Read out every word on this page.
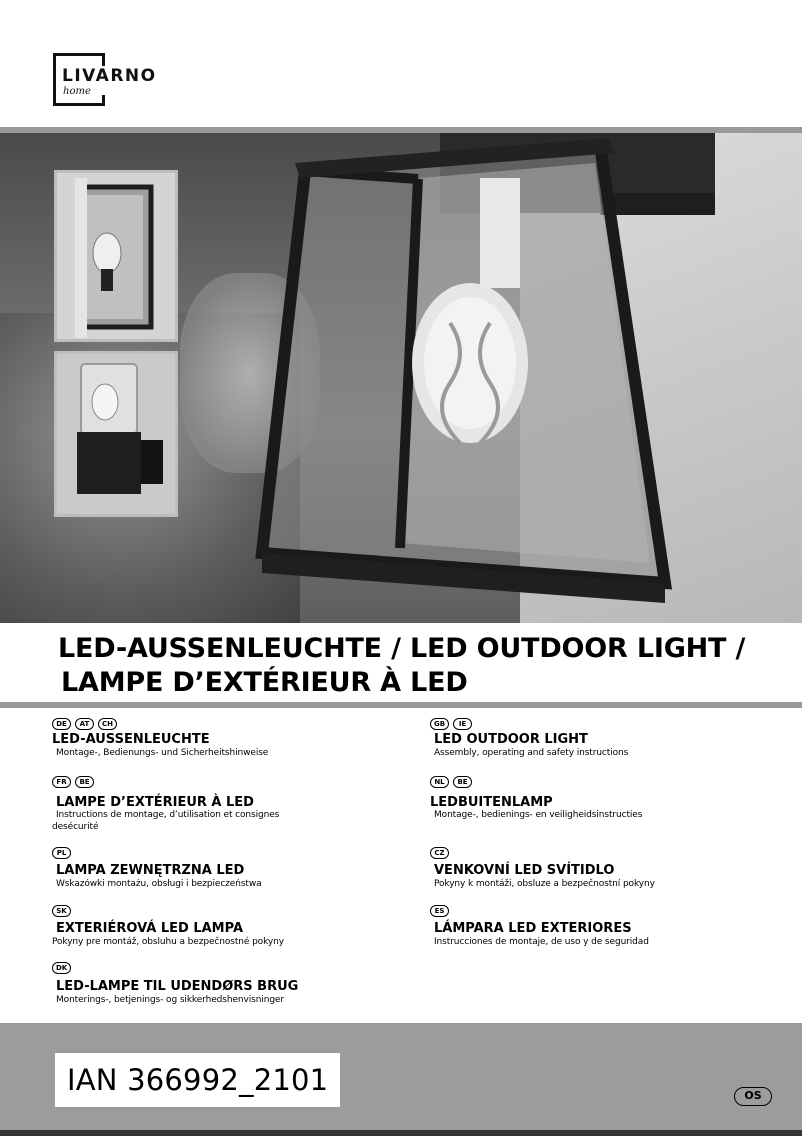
LIVARNO
home
LED-AUSSENLEUCHTE / LED OUTDOOR LIGHT /
LAMPE D’EXTÉRIEUR À LED
DE	AT	CH
LED-AUSSENLEUCHTE
Montage-, Bedienungs- und Sicherheitshinweise
FR	BE
LAMPE D’EXTÉRIEUR À LED
Instructions de montage, d’utilisation et consignes
desécurité
PL
LAMPA ZEWNĘTRZNA LED
Wskazówki montażu, obsługi i bezpieczeństwa
SK
EXTERIÉROVÁ LED LAMPA
Pokyny pre montáž, obsluhu a bezpečnostné pokyny
DK
LED-LAMPE TIL UDENDØRS BRUG
Monterings-, betjenings- og sikkerhedshenvisninger
GB	IE
LED OUTDOOR LIGHT
Assembly, operating and safety instructions
NL	BE
LEDBUITENLAMP
Montage-, bedienings- en veiligheidsinstructies
CZ
VENKOVNÍ LED SVÍTIDLO
Pokyny k montáži, obsluze a bezpečnostní pokyny
ES
LÁMPARA LED EXTERIORES
Instrucciones de montaje, de uso y de seguridad
IAN 366992_2101	OS
